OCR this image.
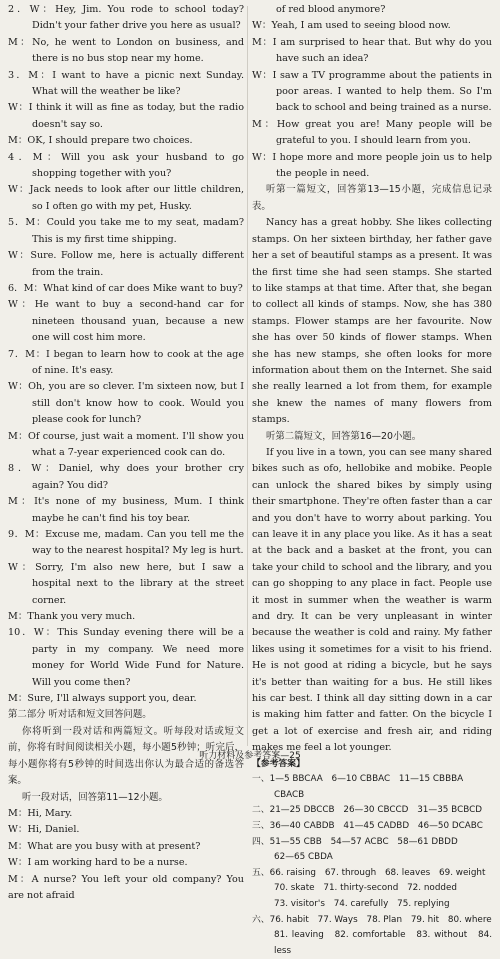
2．W：Hey, Jim. You rode to school today? Didn't your father drive you here as usual?

M：No, he went to London on business, and there is no bus stop near my home.

3．M：I want to have a picnic next Sunday. What will the weather be like?

W：I think it will as fine as today, but the radio doesn't say so.

M：OK, I should prepare two choices.

4．M：Will you ask your husband to go shopping together with you?

W：Jack needs to look after our little children, so I often go with my pet, Husky.

5．M：Could you take me to my seat, madam? This is my first time shipping.

W：Sure. Follow me, here is actually different from the train.

6．M：What kind of car does Mike want to buy?

W：He want to buy a second-hand car for nineteen thousand yuan, because a new one will cost him more.

7．M：I began to learn how to cook at the age of nine. It's easy.

W：Oh, you are so clever. I'm sixteen now, but I still don't know how to cook. Would you please cook for lunch?

M：Of course, just wait a moment. I'll show you what a 7-year experienced cook can do.

8．W：Daniel, why does your brother cry again? You did?

M：It's none of my business, Mum. I think maybe he can't find his toy bear.

9．M：Excuse me, madam. Can you tell me the way to the nearest hospital? My leg is hurt.

W：Sorry, I'm also new here, but I saw a hospital next to the library at the street corner.

M：Thank you very much.

10．W：This Sunday evening there will be a party in my company. We need more money for World Wide Fund for Nature. Will you come then?

M：Sure, I'll always support you, dear.

第二部分 听对话和短文回答问题。

你将听到一段对话和两篇短文。听每段对话或短文前，你将有时间阅读相关小题，每小题5秒钟；听完后，每小题你将有5秒钟的时间选出你认为最合适的备选答案。

听一段对话，回答第11—12小题。

M：Hi, Mary.

W：Hi, Daniel.

M：What are you busy with at present?

W：I am working hard to be a nurse.

M：A nurse? You left your old company? You are not afraid

of red blood anymore?

W：Yeah, I am used to seeing blood now.

M：I am surprised to hear that. But why do you have such an idea?

W：I saw a TV programme about the patients in poor areas. I wanted to help them. So I'm back to school and being trained as a nurse.

M：How great you are! Many people will be grateful to you. I should learn from you.

W：I hope more and more people join us to help the people in need.

听第一篇短文，回答第13—15小题，完成信息记录表。

Nancy has a great hobby. She likes collecting stamps. On her sixteen birthday, her father gave her a set of beautiful stamps as a present. It was the first time she had seen stamps. She started to like stamps at that time. After that, she began to collect all kinds of stamps. Now, she has 380 stamps. Flower stamps are her favourite. Now she has over 50 kinds of flower stamps. When she has new stamps, she often looks for more information about them on the Internet. She said she really learned a lot from them, for example she knew the names of many flowers from stamps.

听第二篇短文，回答第16—20小题。

If you live in a town, you can see many shared bikes such as ofo, hellobike and mobike. People can unlock the shared bikes by simply using their smartphone. They're often faster than a car and you don't have to worry about parking. You can leave it in any place you like. As it has a seat at the back and a basket at the front, you can take your child to school and the library, and you can go shopping to any place in fact. People use it most in summer when the weather is warm and dry. It can be very unpleasant in winter because the weather is cold and rainy. My father likes using it sometimes for a visit to his friend. He is not good at riding a bicycle, but he says it's better than waiting for a bus. He still likes his car best. I think all day sitting down in a car is making him fatter and fatter. On the bicycle I get a lot of exercise and fresh air, and riding makes me feel a lot younger.

【参考答案】

一、1—5 BBCAA　6—10 CBBAC　11—15 CBBBA

CBACB

二、21—25 DBCCB　26—30 CBCCD　31—35 BCBCD

三、36—40 CABDB　41—45 CADBD　46—50 DCABC

四、51—55 CBB　54—57 ACBC　58—61 DBDD

62—65 CBDA

五、66. raising　67. through　68. leaves　69. weight

70. skate　71. thirty-second　72. nodded

73. visitor's　74. carefully　75. replying

六、76. habit　77. Ways　78. Plan　79. hit　80. where

81. leaving　82. comfortable　83. without　84. less

听力材料及参考答案—25
